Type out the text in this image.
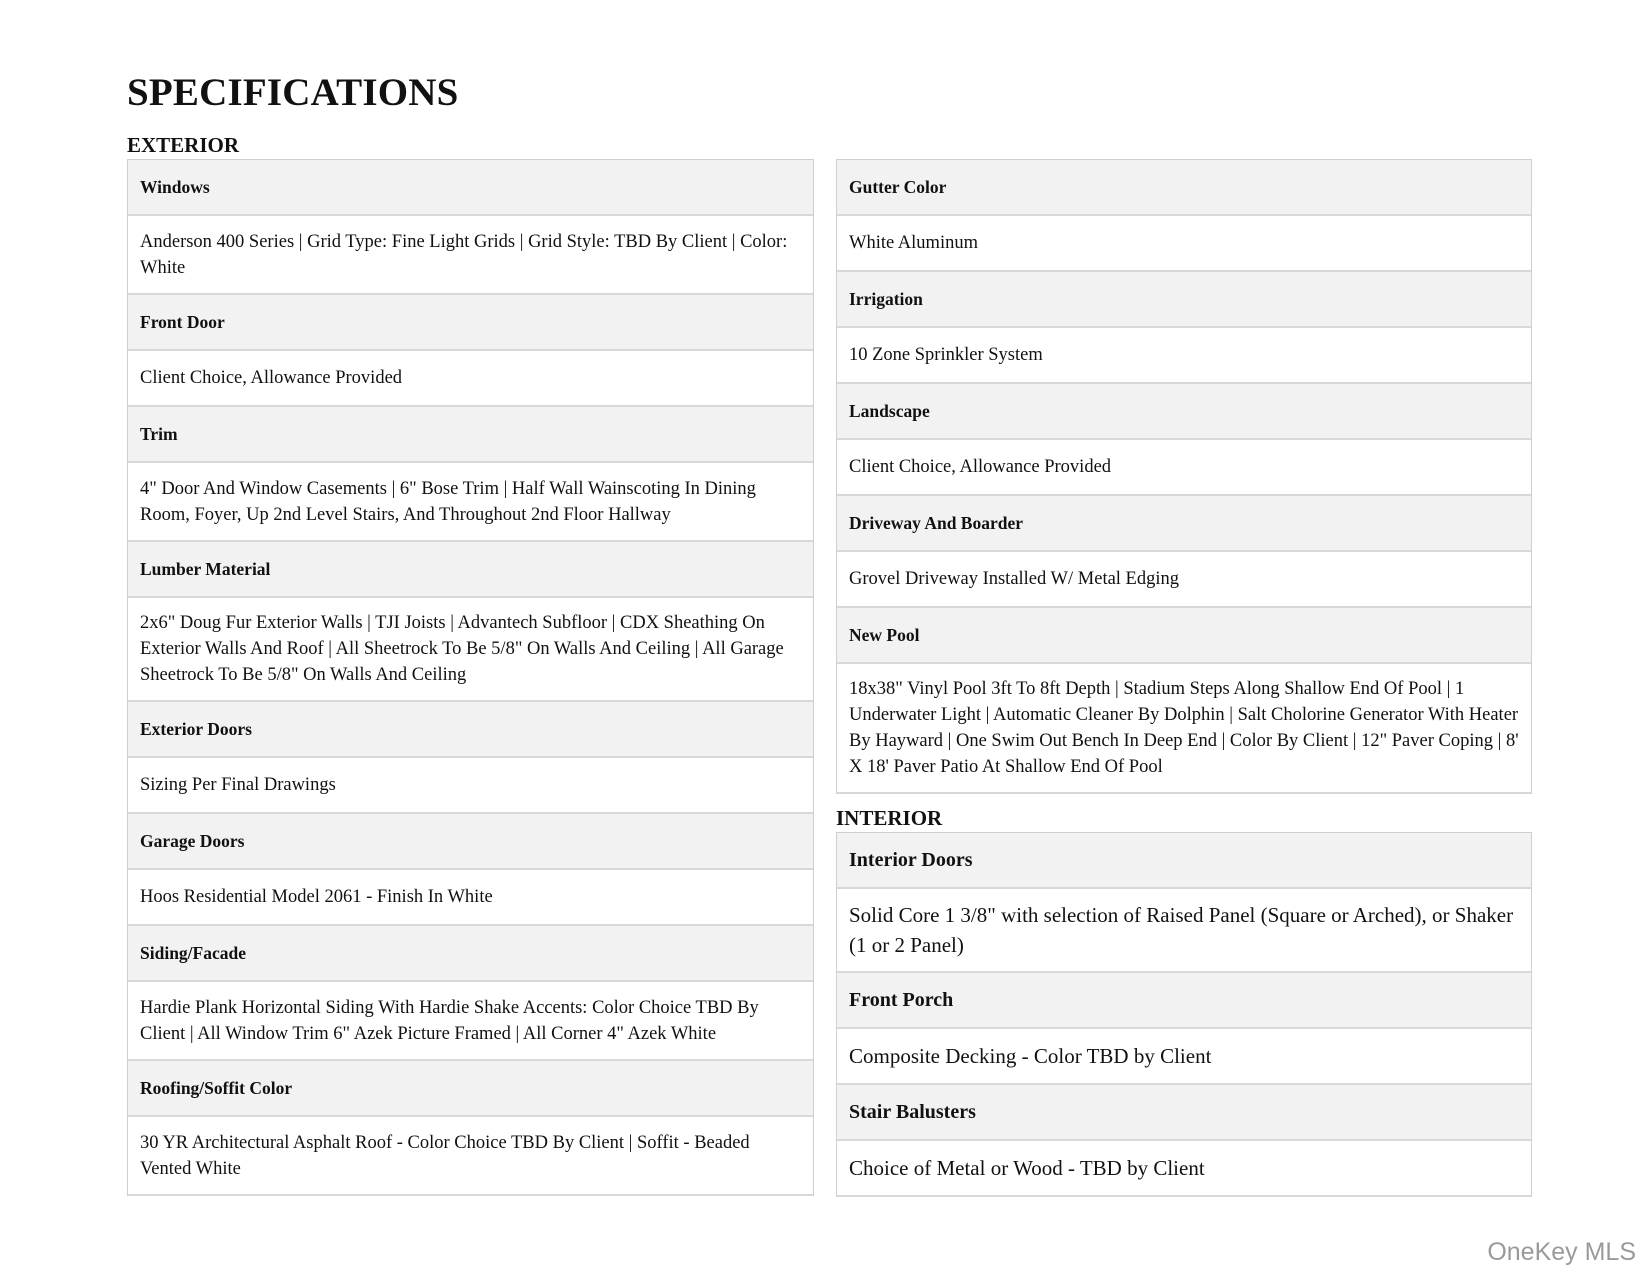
SPECIFICATIONS
EXTERIOR
Windows
Anderson 400 Series | Grid Type: Fine Light Grids | Grid Style: TBD By Client | Color: White
Front Door
Client Choice, Allowance Provided
Trim
4" Door And Window Casements | 6" Bose Trim | Half Wall Wainscoting In Dining Room, Foyer, Up 2nd Level Stairs, And Throughout 2nd Floor Hallway
Lumber Material
2x6" Doug Fur Exterior Walls | TJI Joists | Advantech Subfloor | CDX Sheathing On Exterior Walls And Roof | All Sheetrock To Be 5/8" On Walls And Ceiling | All Garage Sheetrock To Be 5/8" On Walls And Ceiling
Exterior Doors
Sizing Per Final Drawings
Garage Doors
Hoos Residential Model 2061 - Finish In White
Siding/Facade
Hardie Plank Horizontal Siding With Hardie Shake Accents: Color Choice TBD By Client | All Window Trim 6" Azek Picture Framed | All Corner 4" Azek White
Roofing/Soffit Color
30 YR Architectural Asphalt Roof - Color Choice TBD By Client | Soffit - Beaded Vented White
Gutter Color
White Aluminum
Irrigation
10 Zone Sprinkler System
Landscape
Client Choice, Allowance Provided
Driveway And Boarder
Grovel Driveway Installed W/ Metal Edging
New Pool
18x38" Vinyl Pool 3ft To 8ft Depth | Stadium Steps Along Shallow End Of Pool | 1 Underwater Light | Automatic Cleaner By Dolphin | Salt Cholorine Generator With Heater By Hayward | One Swim Out Bench In Deep End | Color By Client | 12" Paver Coping | 8' X 18' Paver Patio At Shallow End Of Pool
INTERIOR
Interior Doors
Solid Core 1 3/8" with selection of Raised Panel (Square or Arched), or Shaker (1 or 2 Panel)
Front Porch
Composite Decking - Color TBD by Client
Stair Balusters
Choice of Metal or Wood - TBD by Client
OneKey MLS
